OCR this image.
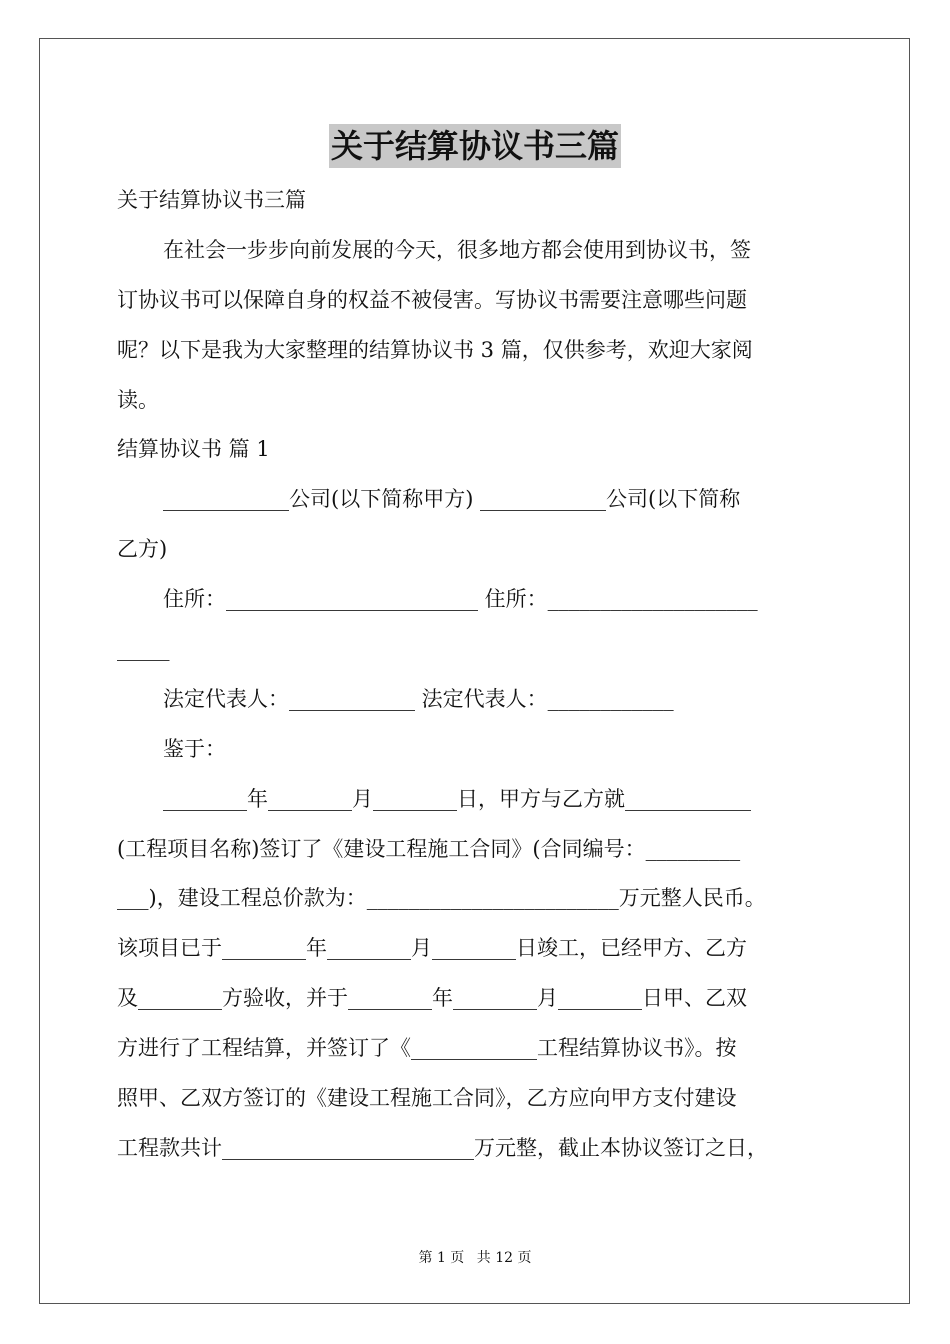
关于结算协议书三篇
关于结算协议书三篇
在社会一步步向前发展的今天，很多地方都会使用到协议书，签
订协议书可以保障自身的权益不被侵害。写协议书需要注意哪些问题
呢？以下是我为大家整理的结算协议书 3 篇，仅供参考，欢迎大家阅
读。
结算协议书 篇 1
____________公司(以下简称甲方) ____________公司(以下简称
乙方)
住所：________________________ 住所：____________________
_____
法定代表人：____________ 法定代表人：____________
鉴于：
________年________月________日，甲方与乙方就____________
(工程项目名称)签订了《建设工程施工合同》(合同编号：_________
___)，建设工程总价款为：________________________万元整人民币。
该项目已于________年________月________日竣工，已经甲方、乙方
及________方验收，并于________年________月________日甲、乙双
方进行了工程结算，并签订了《____________工程结算协议书》。按
照甲、乙双方签订的《建设工程施工合同》，乙方应向甲方支付建设
工程款共计________________________万元整，截止本协议签订之日，
第 1 页 共 12 页
